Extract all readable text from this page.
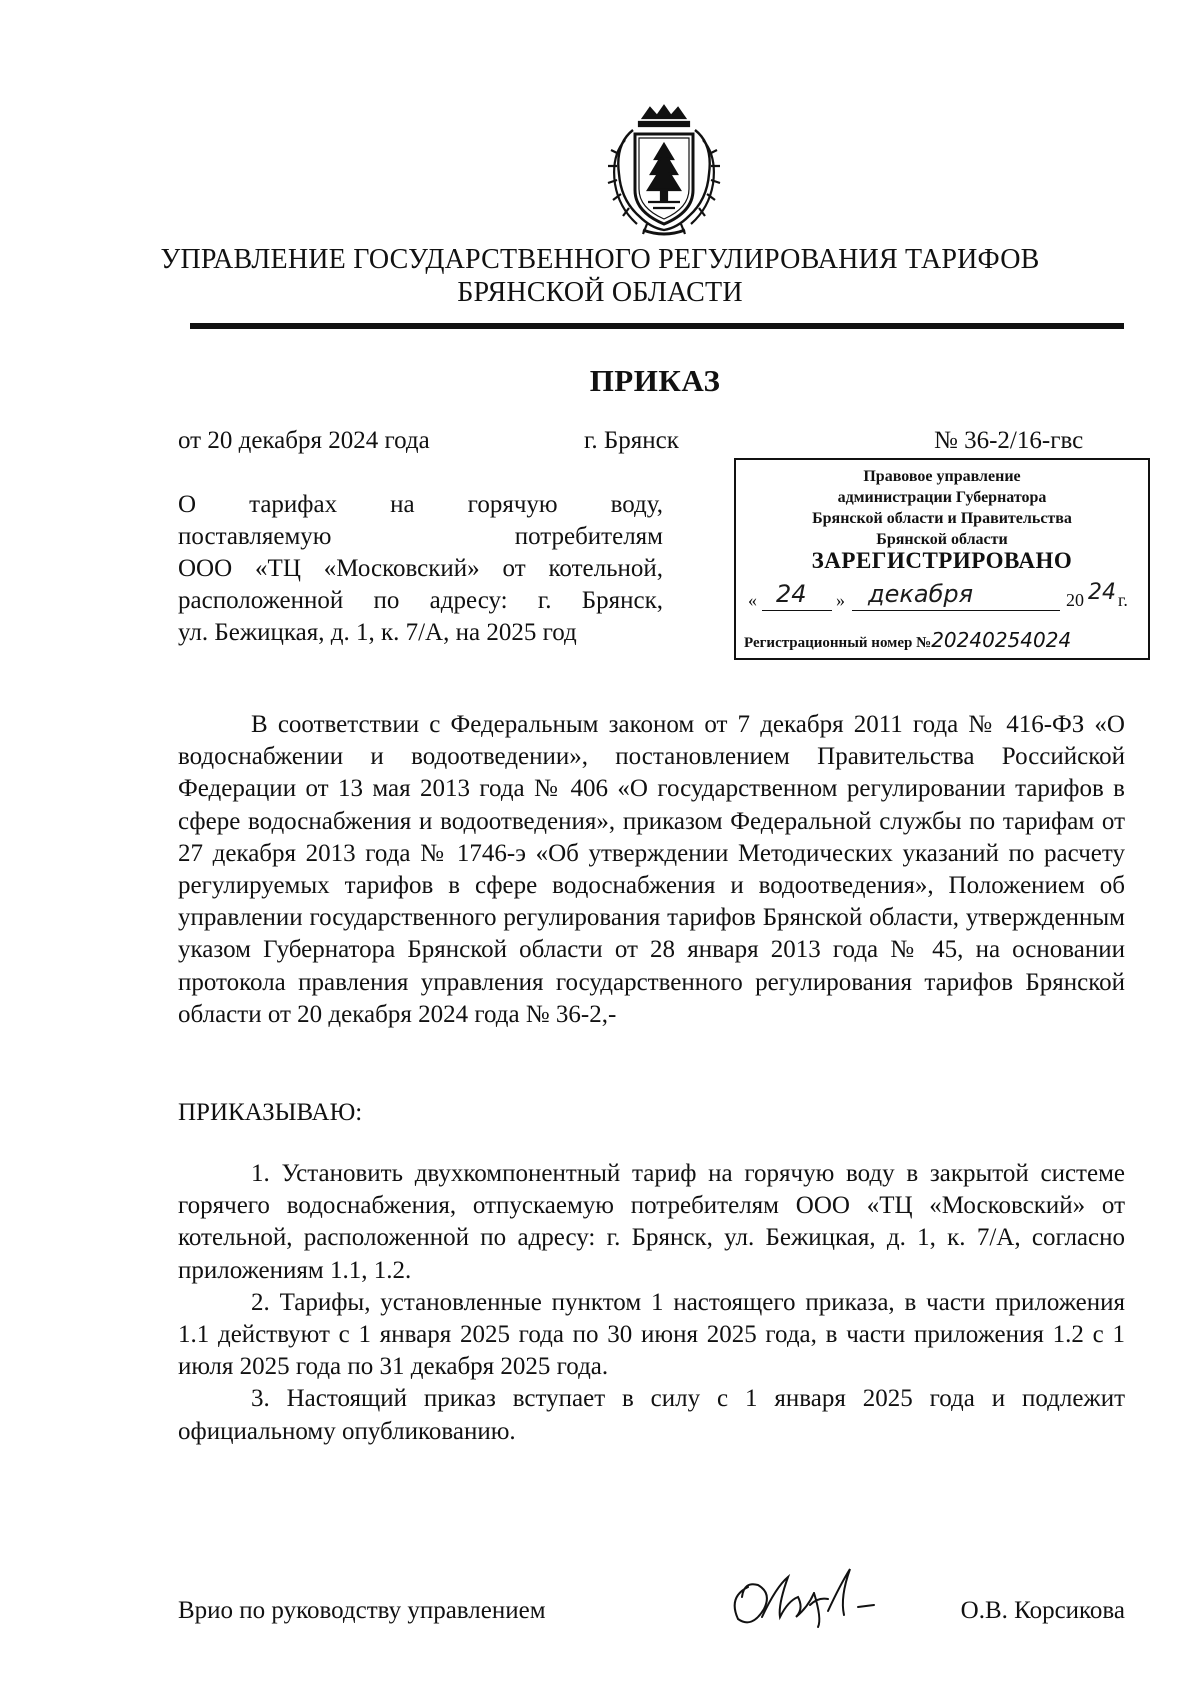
УПРАВЛЕНИЕ ГОСУДАРСТВЕННОГО РЕГУЛИРОВАНИЯ ТАРИФОВ
БРЯНСКОЙ ОБЛАСТИ
ПРИКАЗ
от 20 декабря 2024 года	г. Брянск	№ 36-2/16-гвс
О тарифах на горячую воду,
поставляемую потребителям
ООО «ТЦ «Московский» от котельной,
расположенной по адресу: г. Брянск,
ул. Бежицкая, д. 1, к. 7/А, на 2025 год
Правовое управление
администрации Губернатора
Брянской области и Правительства
Брянской области
ЗАРЕГИСТРИРОВАНО
« 24 » декабря	20 24 г.
Регистрационный номер №20240254024

В соответствии с Федеральным законом от 7 декабря 2011 года № 416-ФЗ «О водоснабжении и водоотведении», постановлением Правительства Российской Федерации от 13 мая 2013 года № 406 «О государственном регулировании тарифов в сфере водоснабжения и водоотведения», приказом Федеральной службы по тарифам от 27 декабря 2013 года № 1746-э «Об утверждении Методических указаний по расчету регулируемых тарифов в сфере водоснабжения и водоотведения», Положением об управлении государственного регулирования тарифов Брянской области, утвержденным указом Губернатора Брянской области от 28 января 2013 года № 45, на основании протокола правления управления государственного регулирования тарифов Брянской области от 20 декабря 2024 года № 36-2,-

ПРИКАЗЫВАЮ:

1. Установить двухкомпонентный тариф на горячую воду в закрытой системе горячего водоснабжения, отпускаемую потребителям ООО «ТЦ «Московский» от котельной, расположенной по адресу: г. Брянск, ул. Бежицкая, д. 1, к. 7/А, согласно приложениям 1.1, 1.2.

2. Тарифы, установленные пунктом 1 настоящего приказа, в части приложения 1.1 действуют с 1 января 2025 года по 30 июня 2025 года, в части приложения 1.2 с 1 июля 2025 года по 31 декабря 2025 года.

3. Настоящий приказ вступает в силу с 1 января 2025 года и подлежит официальному опубликованию.

Врио по руководству управлением	О.В. Корсикова
